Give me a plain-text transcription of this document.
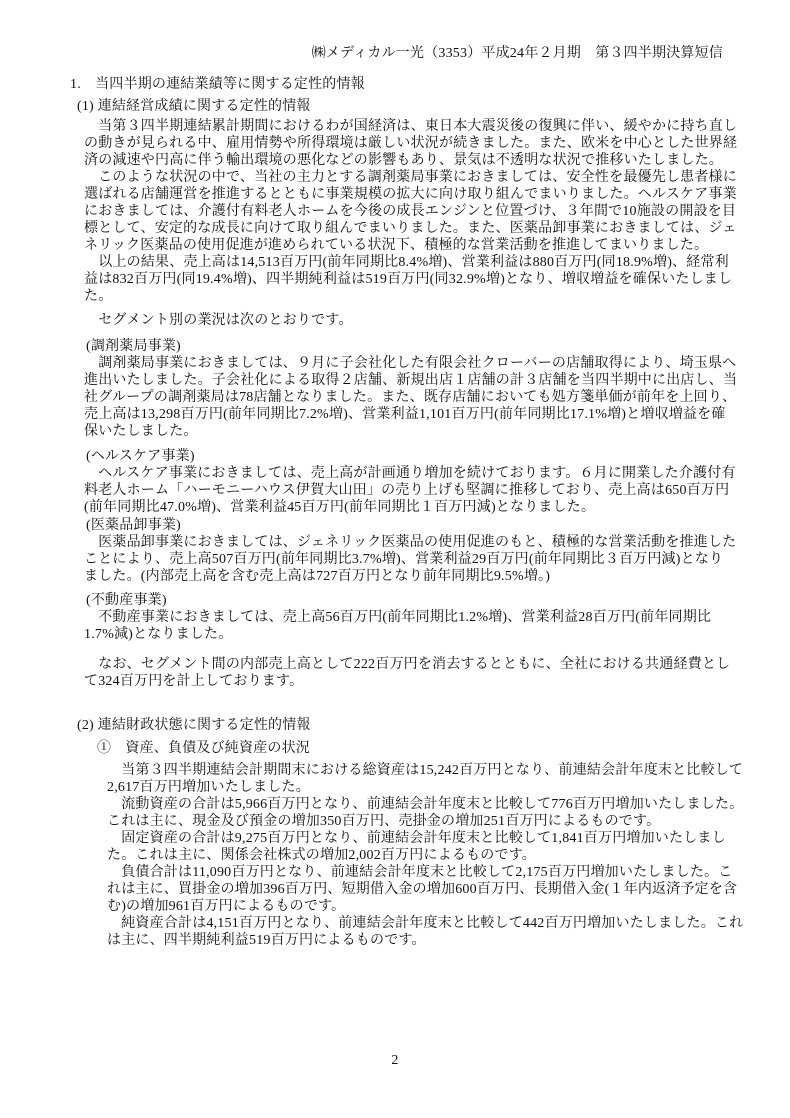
㈱メディカル一光（3353）平成24年２月期　第３四半期決算短信
1.　当四半期の連結業績等に関する定性的情報
(1) 連結経営成績に関する定性的情報
　当第３四半期連結累計期間におけるわが国経済は、東日本大震災後の復興に伴い、緩やかに持ち直し
の動きが見られる中、雇用情勢や所得環境は厳しい状況が続きました。また、欧米を中心とした世界経
済の減速や円高に伴う輸出環境の悪化などの影響もあり、景気は不透明な状況で推移いたしました。
　このような状況の中で、当社の主力とする調剤薬局事業におきましては、安全性を最優先し患者様に
選ばれる店舗運営を推進するとともに事業規模の拡大に向け取り組んでまいりました。ヘルスケア事業
におきましては、介護付有料老人ホームを今後の成長エンジンと位置づけ、３年間で10施設の開設を目
標として、安定的な成長に向けて取り組んでまいりました。また、医薬品卸事業におきましては、ジェ
ネリック医薬品の使用促進が進められている状況下、積極的な営業活動を推進してまいりました。
　以上の結果、売上高は14,513百万円(前年同期比8.4%増)、営業利益は880百万円(同18.9%増)、経常利
益は832百万円(同19.4%増)、四半期純利益は519百万円(同32.9%増)となり、増収増益を確保いたしまし
た。
　セグメント別の業況は次のとおりです。
(調剤薬局事業)
　調剤薬局事業におきましては、９月に子会社化した有限会社クローバーの店舗取得により、埼玉県へ
進出いたしました。子会社化による取得２店舗、新規出店１店舗の計３店舗を当四半期中に出店し、当
社グループの調剤薬局は78店舗となりました。また、既存店舗においても処方箋単価が前年を上回り、
売上高は13,298百万円(前年同期比7.2%増)、営業利益1,101百万円(前年同期比17.1%増)と増収増益を確
保いたしました。
(ヘルスケア事業)
　ヘルスケア事業におきましては、売上高が計画通り増加を続けております。６月に開業した介護付有
料老人ホーム「ハーモニーハウス伊賀大山田」の売り上げも堅調に推移しており、売上高は650百万円
(前年同期比47.0%増)、営業利益45百万円(前年同期比１百万円減)となりました。
(医薬品卸事業)
　医薬品卸事業におきましては、ジェネリック医薬品の使用促進のもと、積極的な営業活動を推進した
ことにより、売上高507百万円(前年同期比3.7%増)、営業利益29百万円(前年同期比３百万円減)となり
ました。(内部売上高を含む売上高は727百万円となり前年同期比9.5%増。)
(不動産事業)
　不動産事業におきましては、売上高56百万円(前年同期比1.2%増)、営業利益28百万円(前年同期比
1.7%減)となりました。
　なお、セグメント間の内部売上高として222百万円を消去するとともに、全社における共通経費とし
て324百万円を計上しております。
(2) 連結財政状態に関する定性的情報
①　資産、負債及び純資産の状況
　当第３四半期連結会計期間末における総資産は15,242百万円となり、前連結会計年度末と比較して
2,617百万円増加いたしました。
　流動資産の合計は5,966百万円となり、前連結会計年度末と比較して776百万円増加いたしました。
これは主に、現金及び預金の増加350百万円、売掛金の増加251百万円によるものです。
　固定資産の合計は9,275百万円となり、前連結会計年度末と比較して1,841百万円増加いたしまし
た。これは主に、関係会社株式の増加2,002百万円によるものです。
　負債合計は11,090百万円となり、前連結会計年度末と比較して2,175百万円増加いたしました。こ
れは主に、買掛金の増加396百万円、短期借入金の増加600百万円、長期借入金(１年内返済予定を含
む)の増加961百万円によるものです。
　純資産合計は4,151百万円となり、前連結会計年度末と比較して442百万円増加いたしました。これ
は主に、四半期純利益519百万円によるものです。
2
